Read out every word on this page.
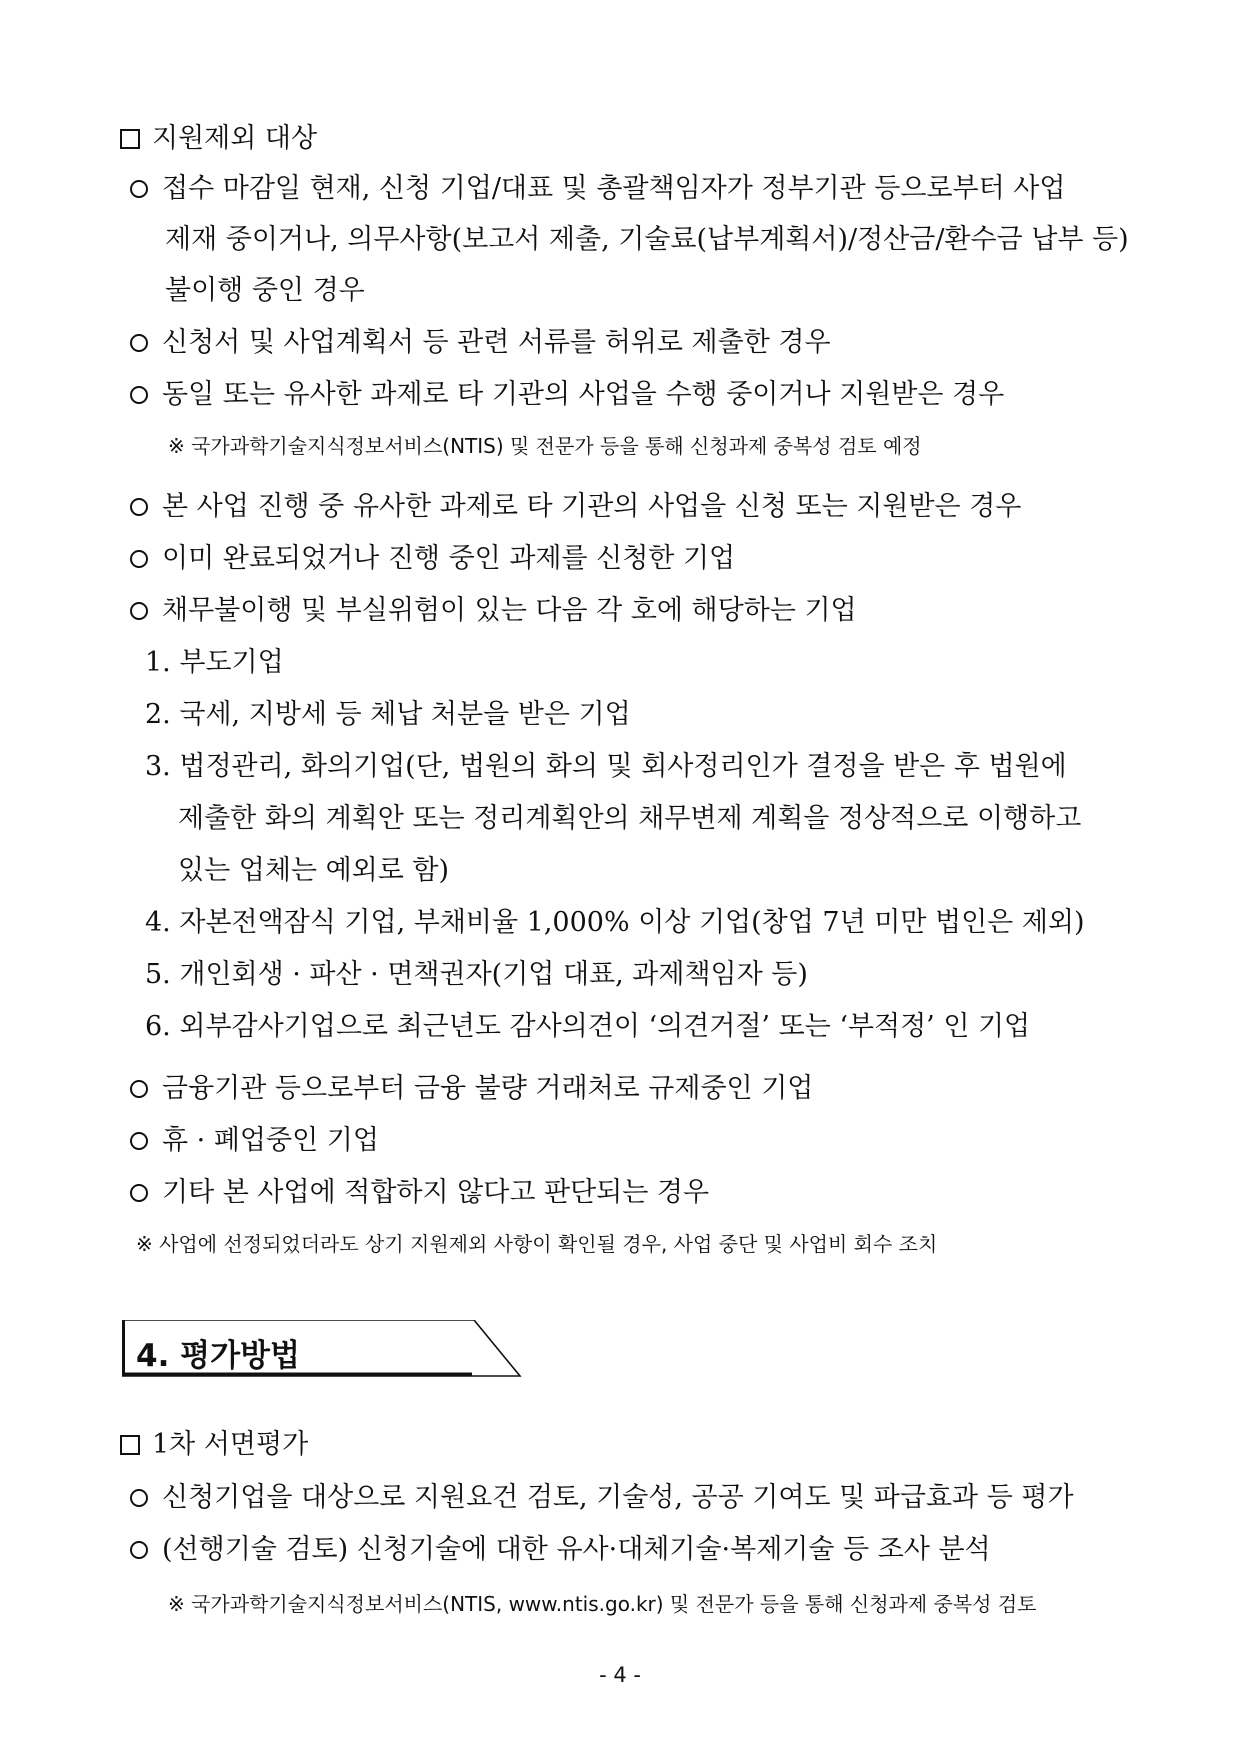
지원제외 대상
접수 마감일 현재, 신청 기업/대표 및 총괄책임자가 정부기관 등으로부터 사업
제재 중이거나, 의무사항(보고서 제출, 기술료(납부계획서)/정산금/환수금 납부 등)
불이행 중인 경우
신청서 및 사업계획서 등 관련 서류를 허위로 제출한 경우
동일 또는 유사한 과제로 타 기관의 사업을 수행 중이거나 지원받은 경우
※ 국가과학기술지식정보서비스(NTIS) 및 전문가 등을 통해 신청과제 중복성 검토 예정
본 사업 진행 중 유사한 과제로 타 기관의 사업을 신청 또는 지원받은 경우
이미 완료되었거나 진행 중인 과제를 신청한 기업
채무불이행 및 부실위험이 있는 다음 각 호에 해당하는 기업
1. 부도기업
2. 국세, 지방세 등 체납 처분을 받은 기업
3. 법정관리, 화의기업(단, 법원의 화의 및 회사정리인가 결정을 받은 후 법원에
제출한 화의 계획안 또는 정리계획안의 채무변제 계획을 정상적으로 이행하고
있는 업체는 예외로 함)
4. 자본전액잠식 기업, 부채비율 1,000% 이상 기업(창업 7년 미만 법인은 제외)
5. 개인회생 · 파산 · 면책권자(기업 대표, 과제책임자 등)
6. 외부감사기업으로 최근년도 감사의견이 ‘의견거절’ 또는 ‘부적정’ 인 기업
금융기관 등으로부터 금융 불량 거래처로 규제중인 기업
휴 · 폐업중인 기업
기타 본 사업에 적합하지 않다고 판단되는 경우
※ 사업에 선정되었더라도 상기 지원제외 사항이 확인될 경우, 사업 중단 및 사업비 회수 조치
4. 평가방법
1차 서면평가
신청기업을 대상으로 지원요건 검토, 기술성, 공공 기여도 및 파급효과 등 평가
(선행기술 검토) 신청기술에 대한 유사·대체기술·복제기술 등 조사 분석
※ 국가과학기술지식정보서비스(NTIS, www.ntis.go.kr) 및 전문가 등을 통해 신청과제 중복성 검토
- 4 -
